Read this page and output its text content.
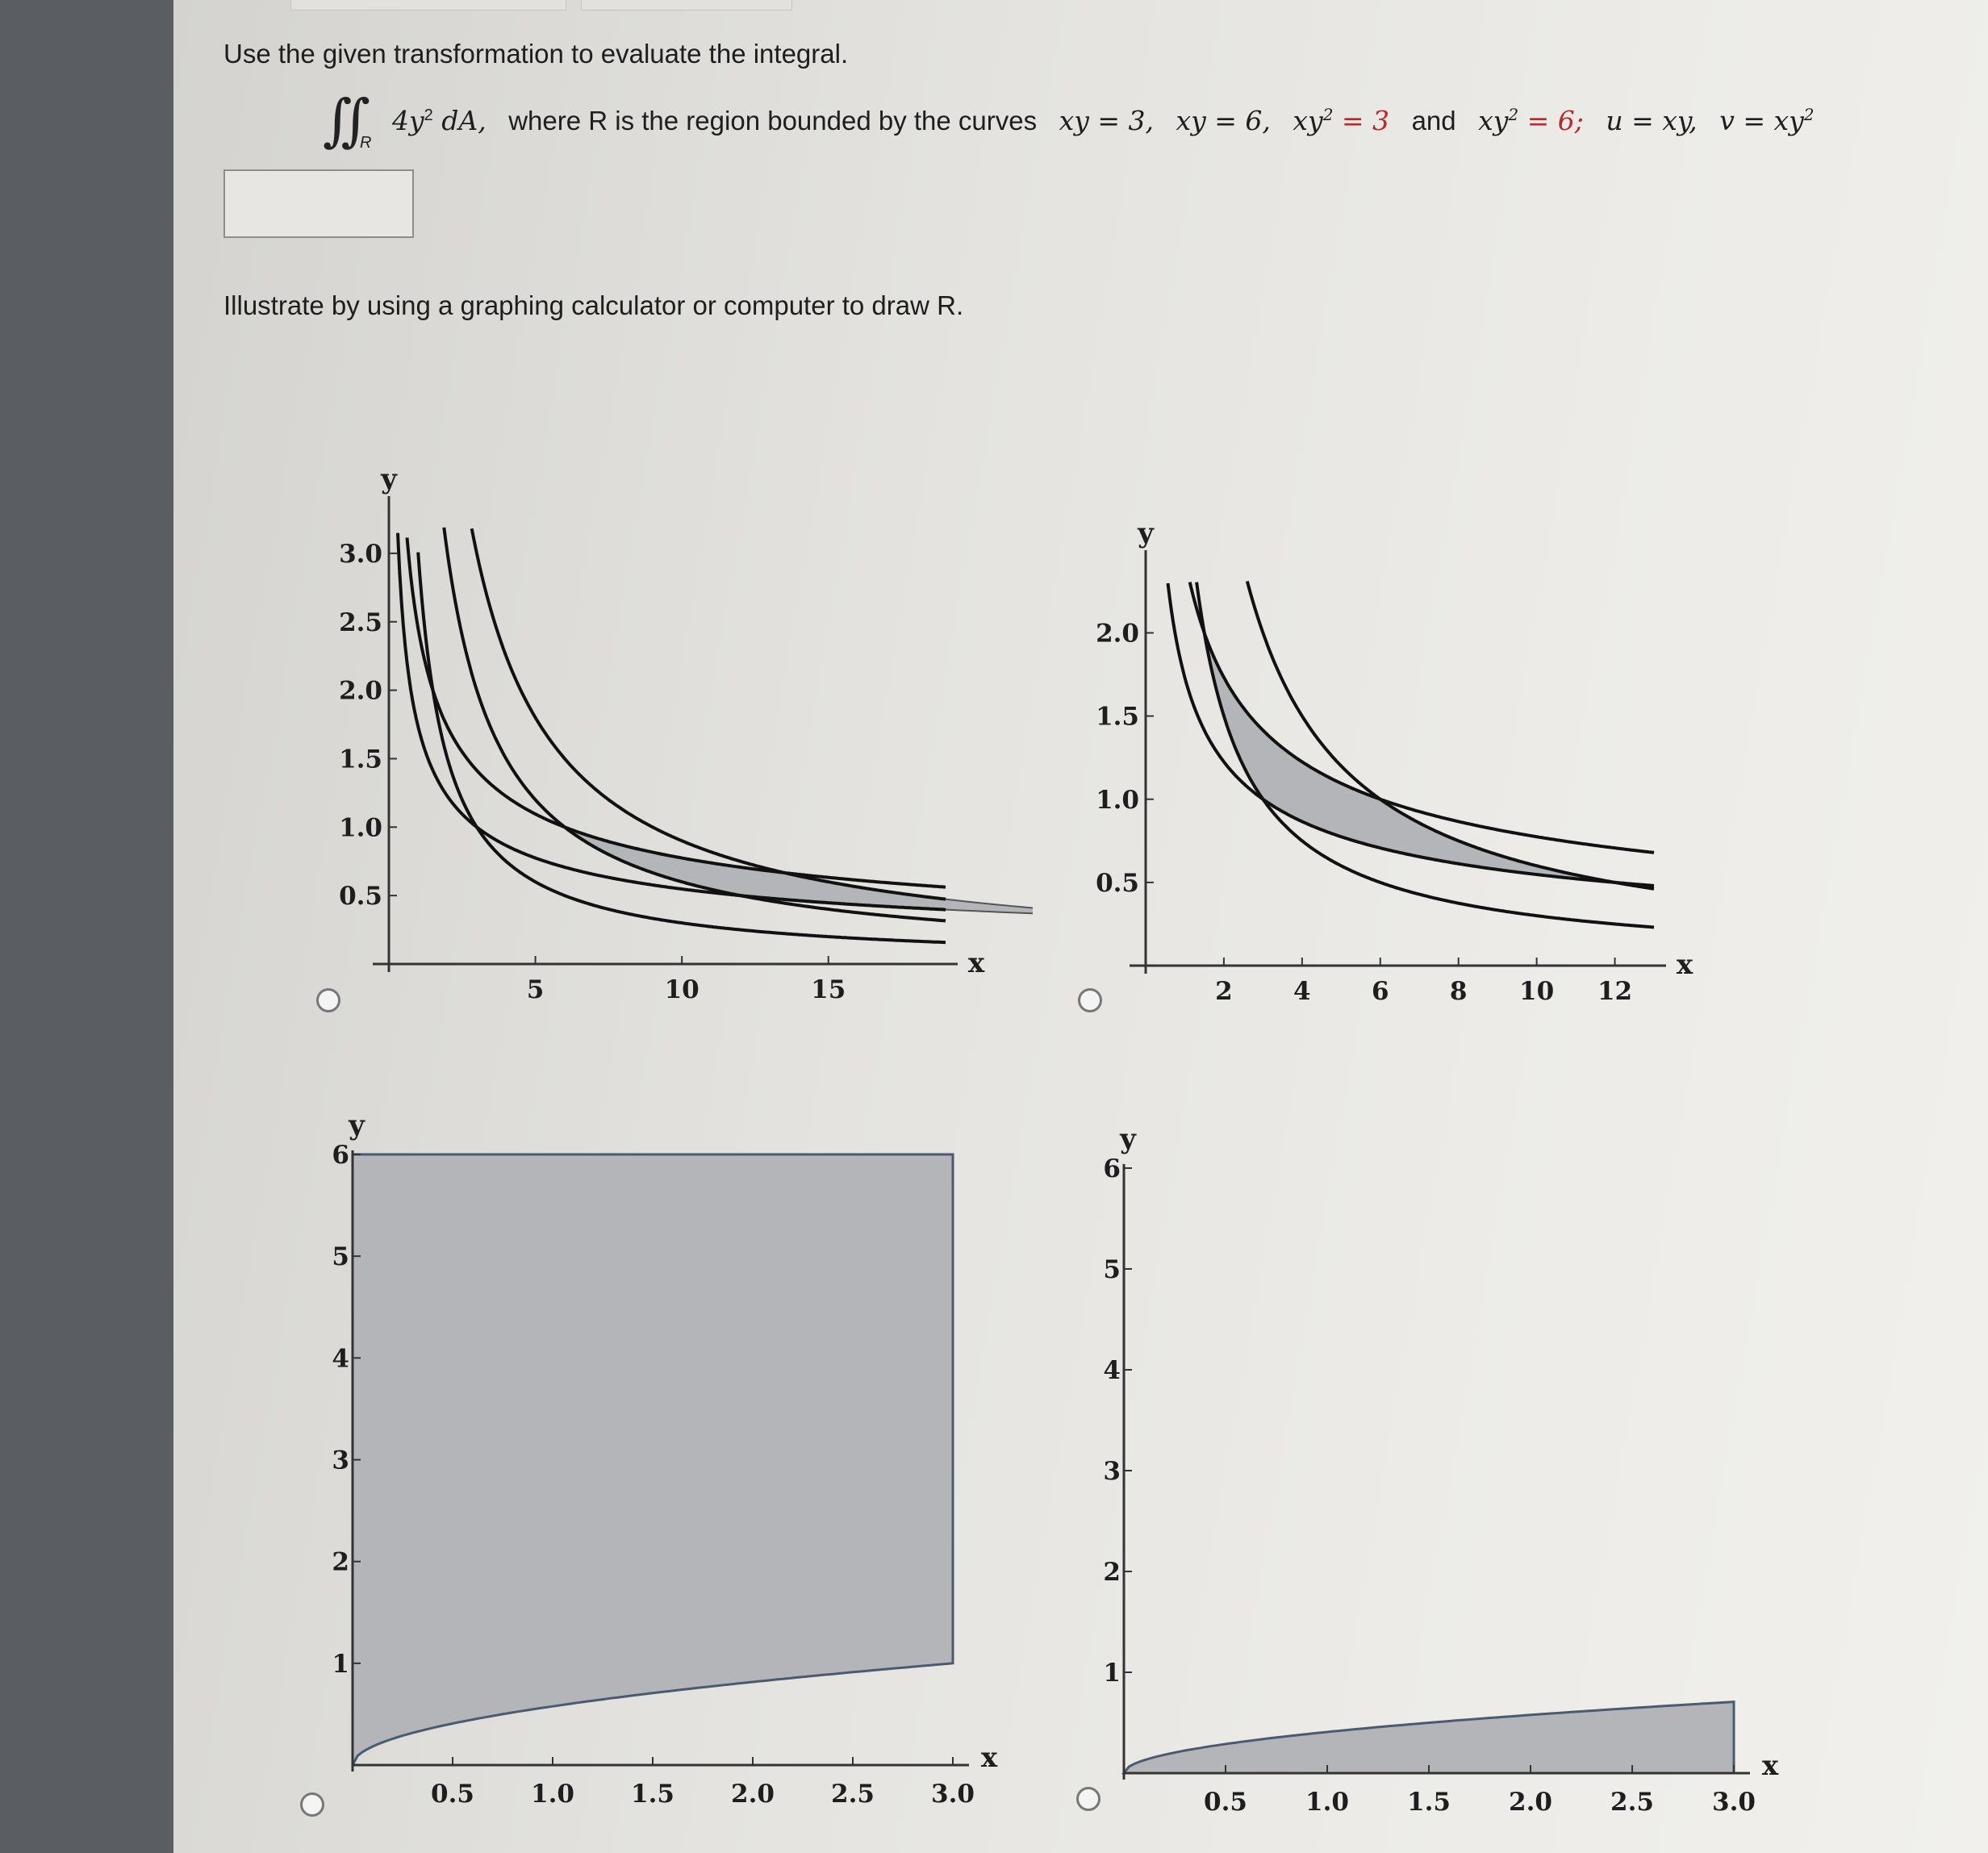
Use the given transformation to evaluate the integral.
∫∫ R
$4y^2$ dA, where R is the region bounded by the curves xy = 3, xy = 6, $xy^2 = 3$ and $xy^2 = 6$; u = xy, $v = xy^2$
Illustrate by using a graphing calculator or computer to draw R.
5	10	15
0.5
1.0
1.5
2.0
2.5
3.0
x
y
2 4 6 8 10 12
0.5
1.0
1.5
2.0
x
y
0.5 1.0 1.5 2.0 2.5 3.0
1
2
3
4
5
6
x
y
0.5 1.0 1.5 2.0 2.5 3.0
1
2
3
4
5
6
x
y
